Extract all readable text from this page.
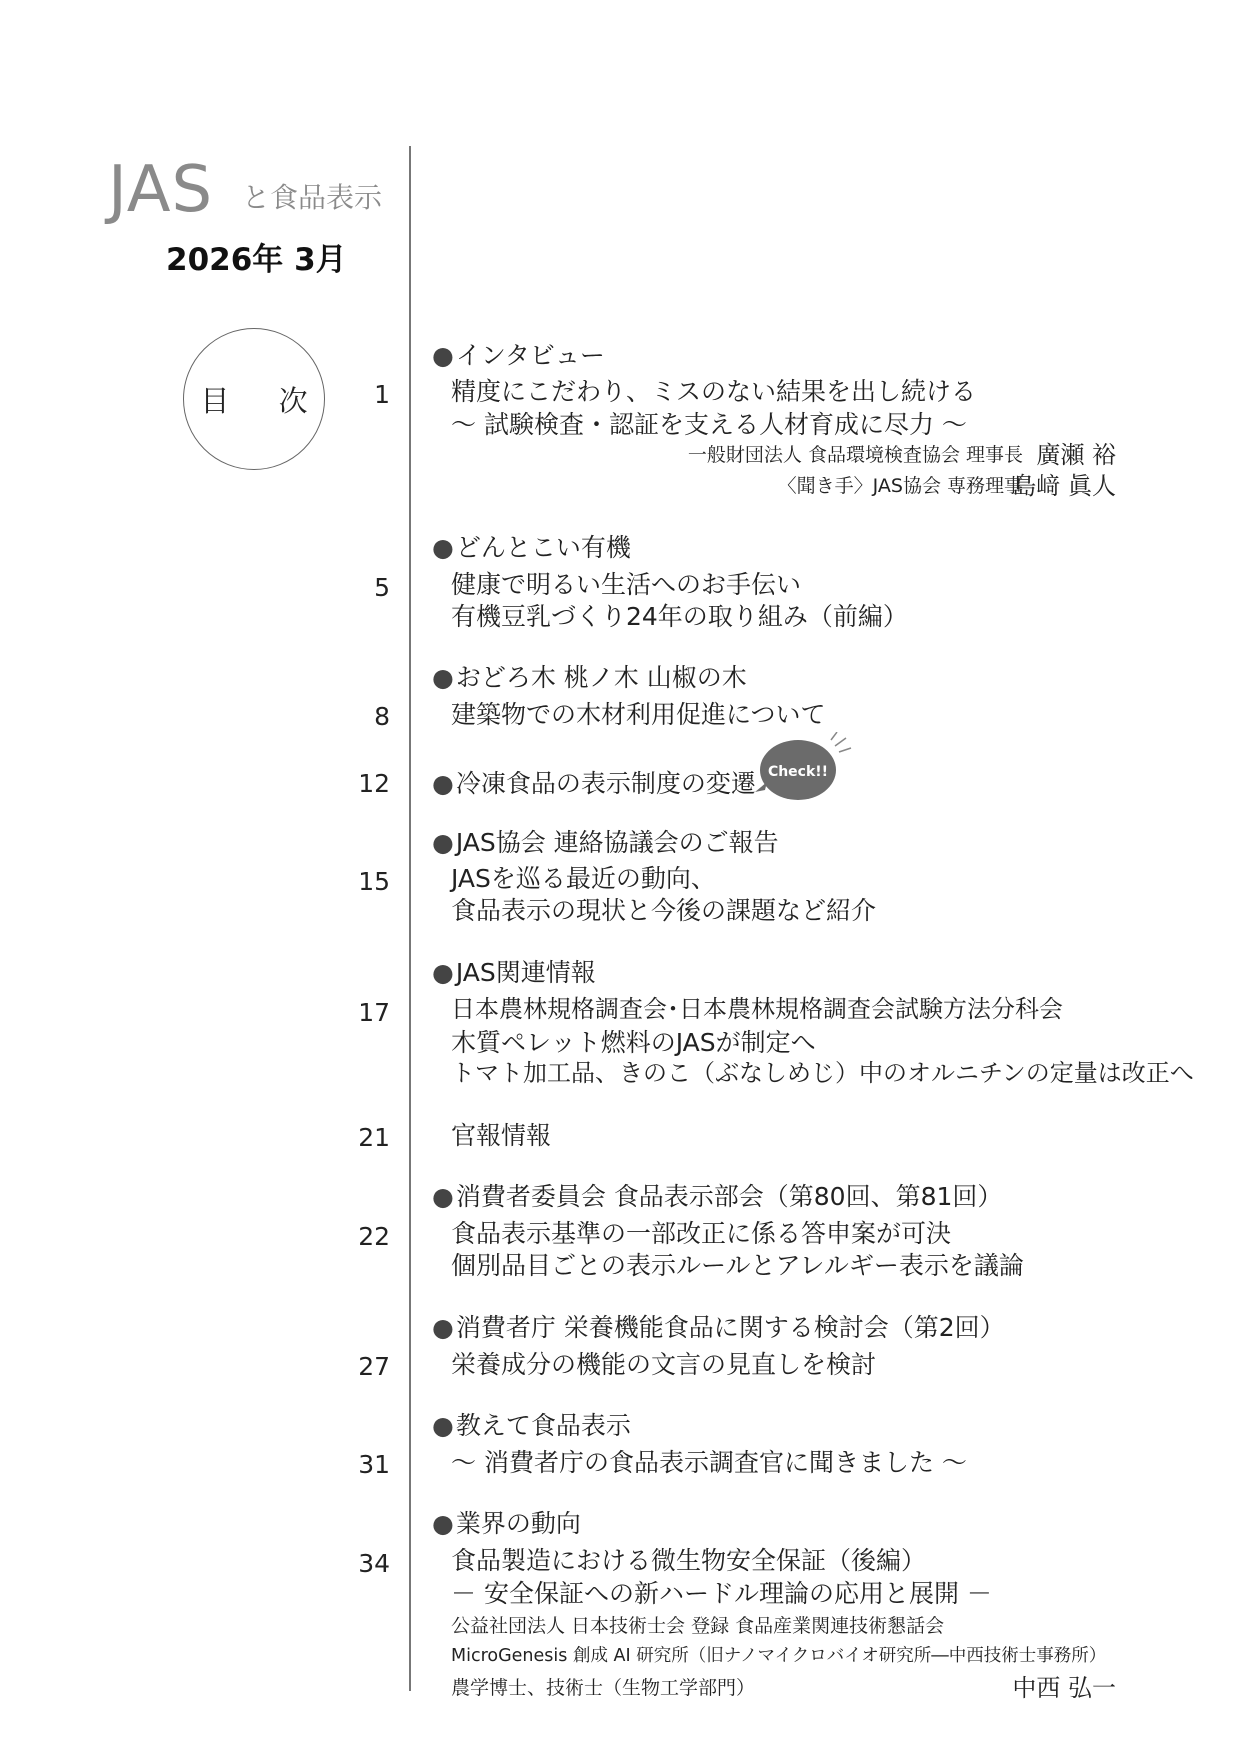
JAS と食品表示
2026年 3月
目 次
●インタビュー
1 精度にこだわり、ミスのない結果を出し続ける
〜 試験検査・認証を支える人材育成に尽力 〜
一般財団法人 食品環境検査協会 理事長 廣瀬 裕
〈聞き手〉JAS協会 専務理事
島﨑 眞人
●どんとこい有機
5 健康で明るい生活へのお手伝い
有機豆乳づくり24年の取り組み（前編）
●おどろ木 桃ノ木 山椒の木
8 建築物での木材利用促進について
12 ●冷凍食品の表示制度の変遷 Check!!
●JAS協会 連絡協議会のご報告
15 JASを巡る最近の動向、
食品表示の現状と今後の課題など紹介
●JAS関連情報
17	日本農林規格調査会･日本農林規格調査会試験方法分科会
木質ペレット燃料のJASが制定へ
トマト加工品、きのこ（ぶなしめじ）中のオルニチンの定量は改正へ
21 官報情報
●消費者委員会 食品表示部会（第80回、第81回）
22 食品表示基準の一部改正に係る答申案が可決
個別品目ごとの表示ルールとアレルギー表示を議論
●消費者庁 栄養機能食品に関する検討会（第2回）
27 栄養成分の機能の文言の見直しを検討
●教えて食品表示
31 〜 消費者庁の食品表示調査官に聞きました 〜
●業界の動向
34 食品製造における微生物安全保証（後編）
－ 安全保証への新ハードル理論の応用と展開 －
公益社団法人 日本技術士会 登録 食品産業関連技術懇話会
MicroGenesis 創成 AI 研究所（旧ナノマイクロバイオ研究所―中西技術士事務所）
農学博士、技術士（生物工学部門）	中西 弘一
